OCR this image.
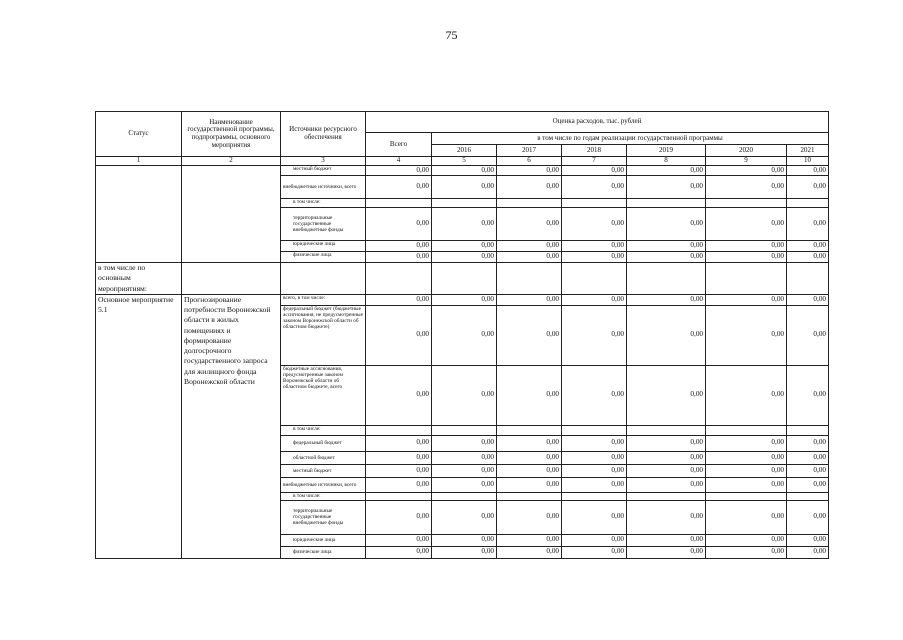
75
Статус	Наименование государственной программы, подпрограммы, основного мероприятия	Источники ресурсного обеспечения	Оценка расходов, тыс. рублей						
			Всего	в том числе по годам реализации государственной программы					
				2016	2017	2018	2019	2020	2021
1	2	3	4	5	6	7	8	9	10
		местный бюджет	0,00	0,00	0,00	0,00	0,00	0,00	0,00
		внебюджетные источники, всего	0,00	0,00	0,00	0,00	0,00	0,00	0,00
		в том числе:							
		территориальные государственные внебюджетные фонды	0,00	0,00	0,00	0,00	0,00	0,00	0,00
		юридические лица	0,00	0,00	0,00	0,00	0,00	0,00	0,00
		физические лица	0,00	0,00	0,00	0,00	0,00	0,00	0,00
в том числе по основным мероприятиям:									
Основное мероприятие 5.1	Прогнозирование потребности Воронежской области в жилых помещениях и формирование долгосрочного государственного запроса для жилищного фонда Воронежской области	всего, в том числе:	0,00	0,00	0,00	0,00	0,00	0,00	0,00
		федеральный бюджет (бюджетные ассигнования, не предусмотренные законом Воронежской области об областном бюджете)	0,00	0,00	0,00	0,00	0,00	0,00	0,00
		бюджетные ассигнования, предусмотренные законом Воронежской области об областном бюджете, всего	0,00	0,00	0,00	0,00	0,00	0,00	0,00
		в том числе:							
		федеральный бюджет	0,00	0,00	0,00	0,00	0,00	0,00	0,00
		областной бюджет	0,00	0,00	0,00	0,00	0,00	0,00	0,00
		местный бюджет	0,00	0,00	0,00	0,00	0,00	0,00	0,00
		внебюджетные источники, всего	0,00	0,00	0,00	0,00	0,00	0,00	0,00
		в том числе:							
		территориальные государственные внебюджетные фонды	0,00	0,00	0,00	0,00	0,00	0,00	0,00
		юридические лица	0,00	0,00	0,00	0,00	0,00	0,00	0,00
		физические лица	0,00	0,00	0,00	0,00	0,00	0,00	0,00
